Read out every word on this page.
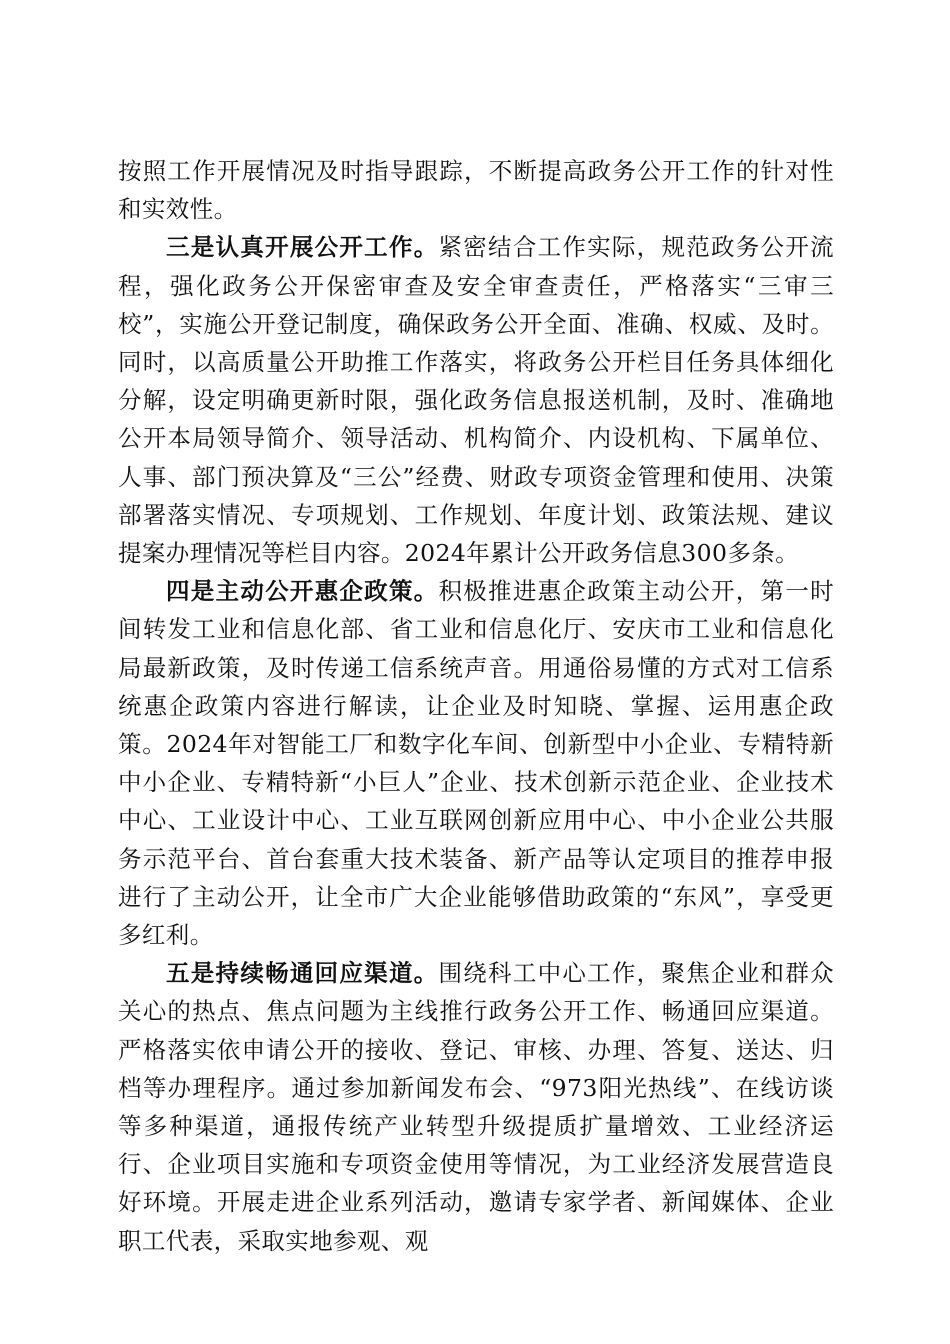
按照工作开展情况及时指导跟踪，不断提高政务公开工作的针对性和实效性。

三是认真开展公开工作。紧密结合工作实际，规范政务公开流程，强化政务公开保密审查及安全审查责任，严格落实“三审三校”，实施公开登记制度，确保政务公开全面、准确、权威、及时。同时，以高质量公开助推工作落实，将政务公开栏目任务具体细化分解，设定明确更新时限，强化政务信息报送机制，及时、准确地公开本局领导简介、领导活动、机构简介、内设机构、下属单位、人事、部门预决算及“三公”经费、财政专项资金管理和使用、决策部署落实情况、专项规划、工作规划、年度计划、政策法规、建议提案办理情况等栏目内容。2024年累计公开政务信息300多条。

四是主动公开惠企政策。积极推进惠企政策主动公开，第一时间转发工业和信息化部、省工业和信息化厅、安庆市工业和信息化局最新政策，及时传递工信系统声音。用通俗易懂的方式对工信系统惠企政策内容进行解读，让企业及时知晓、掌握、运用惠企政策。2024年对智能工厂和数字化车间、创新型中小企业、专精特新中小企业、专精特新“小巨人”企业、技术创新示范企业、企业技术中心、工业设计中心、工业互联网创新应用中心、中小企业公共服务示范平台、首台套重大技术装备、新产品等认定项目的推荐申报进行了主动公开，让全市广大企业能够借助政策的“东风”，享受更多红利。

五是持续畅通回应渠道。围绕科工中心工作，聚焦企业和群众关心的热点、焦点问题为主线推行政务公开工作、畅通回应渠道。严格落实依申请公开的接收、登记、审核、办理、答复、送达、归档等办理程序。通过参加新闻发布会、“973阳光热线”、在线访谈等多种渠道，通报传统产业转型升级提质扩量增效、工业经济运行、企业项目实施和专项资金使用等情况，为工业经济发展营造良好环境。开展走进企业系列活动，邀请专家学者、新闻媒体、企业职工代表，采取实地参观、观
